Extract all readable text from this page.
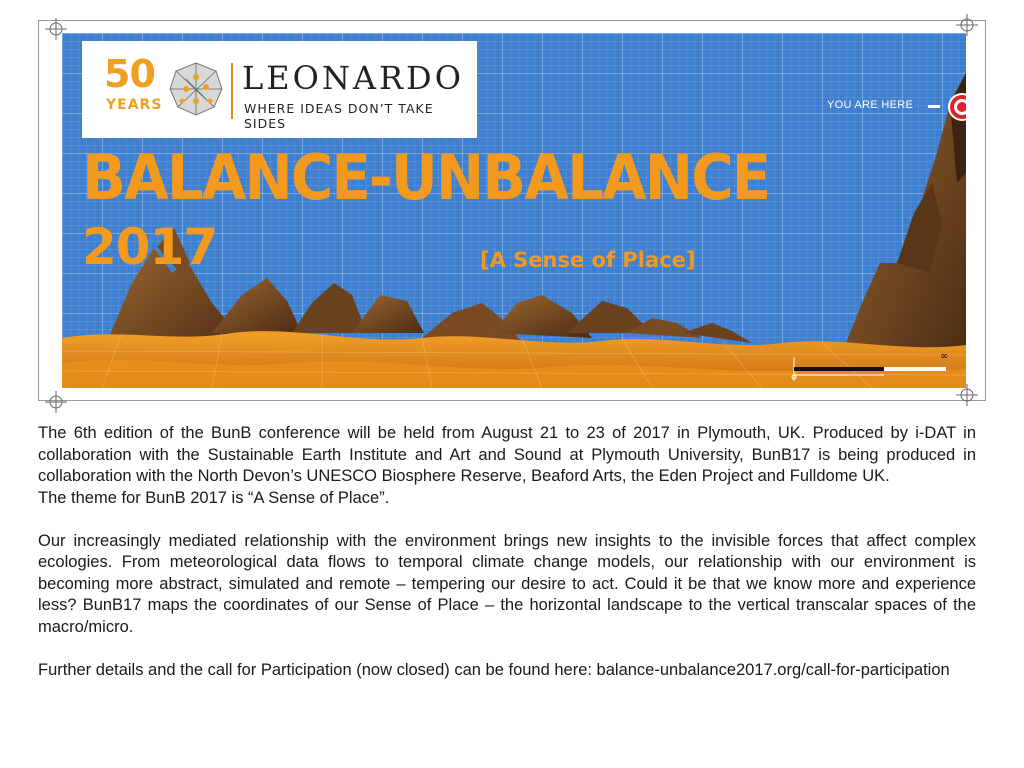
50
YEARS
LEONARDO
WHERE IDEAS DON’T TAKE SIDES
YOU ARE HERE
BALANCE-UNBALANCE
2017	[A Sense of Place]
∞

The 6th edition of the BunB conference will be held from August 21 to 23 of 2017 in Plymouth, UK. Produced by i-DAT in collaboration with the Sustainable Earth Institute and Art and Sound at Plymouth University, BunB17 is being produced in collaboration with the North Devon’s UNESCO Biosphere Reserve, Beaford Arts, the Eden Project and Fulldome UK.

The theme for BunB 2017 is “A Sense of Place”.

Our increasingly mediated relationship with the environment brings new insights to the invisible forces that affect complex ecologies. From meteorological data flows to temporal climate change models, our relationship with our environment is becoming more abstract, simulated and remote – tempering our desire to act. Could it be that we know more and experience less? BunB17 maps the coordinates of our Sense of Place – the horizontal landscape to the vertical transcalar spaces of the macro/micro.

Further details and the call for Participation (now closed) can be found here: balance-unbalance2017.org/call-for-participation
